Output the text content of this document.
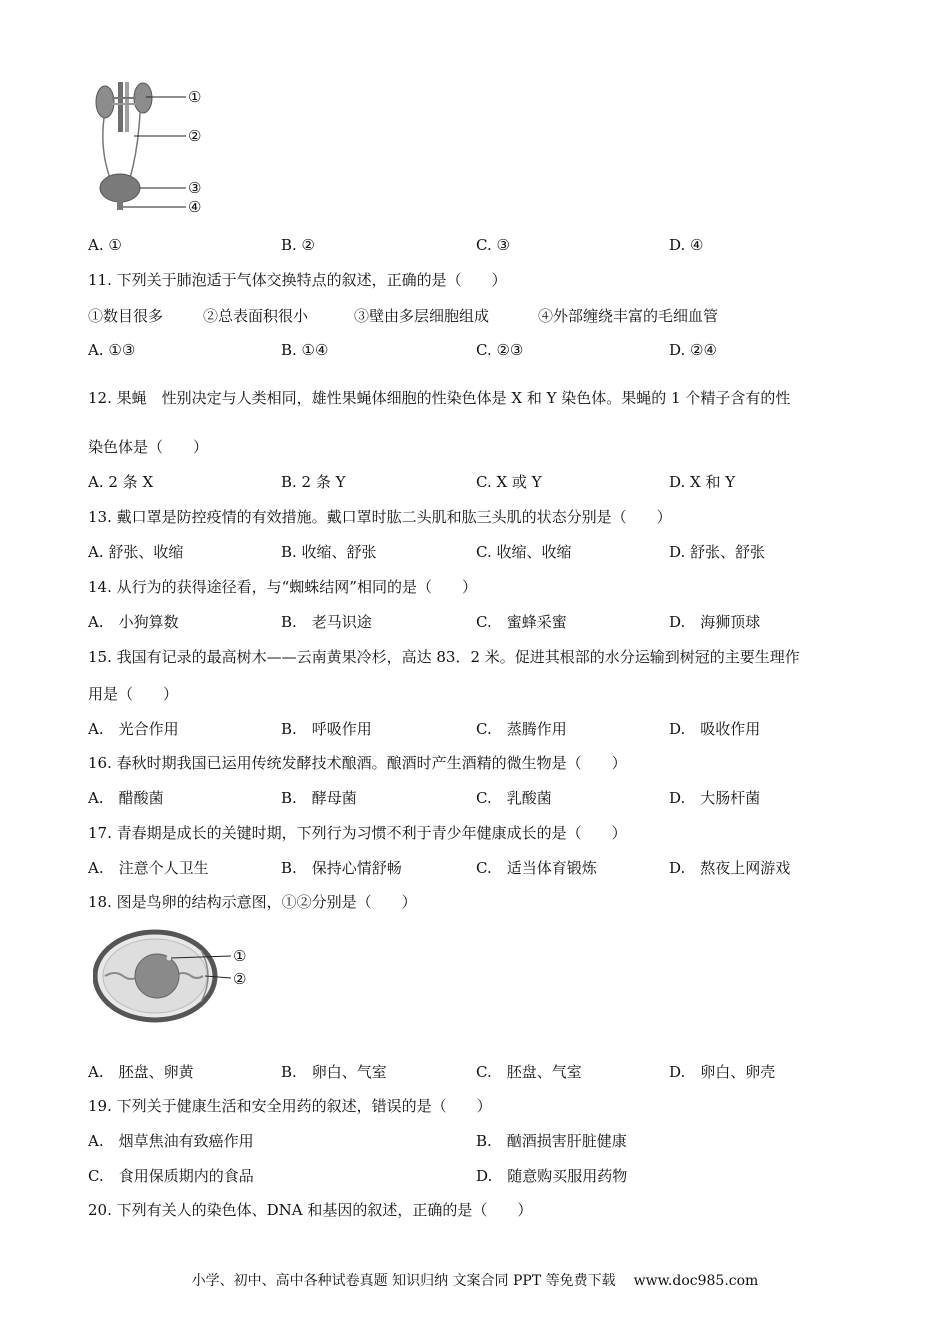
①
②
③
④
A. ①	B. ②	C. ③	D. ④
11. 下列关于肺泡适于气体交换特点的叙述，正确的是（　　）
①数目很多	②总表面积很小	③壁由多层细胞组成	④外部缠绕丰富的毛细血管
A. ①③	B. ①④	C. ②③	D. ②④
12. 果蝇　性别决定与人类相同，雄性果蝇体细胞的性染色体是 X 和 Y 染色体。果蝇的 1 个精子含有的性
染色体是（　　）
A. 2 条 X	B. 2 条 Y	C. X 或 Y	D. X 和 Y
13. 戴口罩是防控疫情的有效措施。戴口罩时肱二头肌和肱三头肌的状态分别是（　　）
A. 舒张、收缩	B. 收缩、舒张	C. 收缩、收缩	D. 舒张、舒张
14. 从行为的获得途径看，与“蜘蛛结网”相同的是（　　）
A.　小狗算数	B.　老马识途	C.　蜜蜂采蜜	D.　海狮顶球
15. 我国有记录的最高树木——云南黄果冷杉，高达 83．2 米。促进其根部的水分运输到树冠的主要生理作
用是（　　）
A.　光合作用	B.　呼吸作用	C.　蒸腾作用	D.　吸收作用
16. 春秋时期我国已运用传统发酵技术酿酒。酿酒时产生酒精的微生物是（　　）
A.　醋酸菌	B.　酵母菌	C.　乳酸菌	D.　大肠杆菌
17. 青春期是成长的关键时期，下列行为习惯不利于青少年健康成长的是（　　）
A.　注意个人卫生	B.　保持心情舒畅	C.　适当体育锻炼	D.　熬夜上网游戏
18. 图是鸟卵的结构示意图，①②分别是（　　）
①
②
A.　胚盘、卵黄	B.　卵白、气室	C.　胚盘、气室	D.　卵白、卵壳
19. 下列关于健康生活和安全用药的叙述，错误的是（　　）
A.　烟草焦油有致癌作用	B.　酗酒损害肝脏健康
C.　食用保质期内的食品	D.　随意购买服用药物
20. 下列有关人的染色体、DNA 和基因的叙述，正确的是（　　）
小学、初中、高中各种试卷真题 知识归纳 文案合同 PPT 等免费下载 www.doc985.com
